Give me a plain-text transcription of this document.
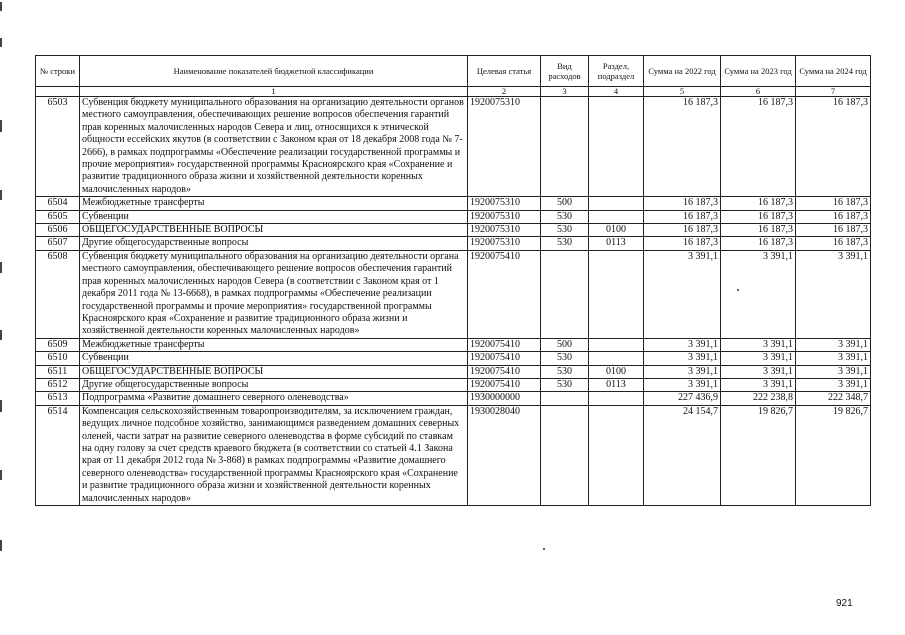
№ строки	Наименование показателей бюджетной классификации	Целевая статья	Вид расходов	Раздел, подраздел	Сумма на 2022 год	Сумма на 2023 год	Сумма на 2024 год
	1	2	3	4	5	6	7
6503	Субвенция бюджету муниципального образования на организацию деятельности органов местного самоуправления, обеспечивающих решение вопросов обеспечения гарантий прав коренных малочисленных народов Севера и лиц, относящихся к этнической общности ессейских якутов (в соответствии с Законом края от 18 декабря 2008 года № 7-2666), в рамках подпрограммы «Обеспечение реализации государственной программы и прочие мероприятия» государственной программы Красноярского края «Сохранение и развитие традиционного образа жизни и хозяйственной деятельности коренных малочисленных народов»	1920075310			16 187,3	16 187,3	16 187,3
6504	Межбюджетные трансферты	1920075310	500		16 187,3	16 187,3	16 187,3
6505	Субвенции	1920075310	530		16 187,3	16 187,3	16 187,3
6506	ОБЩЕГОСУДАРСТВЕННЫЕ ВОПРОСЫ	1920075310	530	0100	16 187,3	16 187,3	16 187,3
6507	Другие общегосударственные вопросы	1920075310	530	0113	16 187,3	16 187,3	16 187,3
6508	Субвенция бюджету муниципального образования на организацию деятельности органа местного самоуправления, обеспечивающего решение вопросов обеспечения гарантий прав коренных малочисленных народов Севера (в соответствии с Законом края от 1 декабря 2011 года № 13-6668), в рамках подпрограммы «Обеспечение реализации государственной программы и прочие мероприятия» государственной программы Красноярского края «Сохранение и развитие традиционного образа жизни и хозяйственной деятельности коренных малочисленных народов»	1920075410			3 391,1	3 391,1	3 391,1
6509	Межбюджетные трансферты	1920075410	500		3 391,1	3 391,1	3 391,1
6510	Субвенции	1920075410	530		3 391,1	3 391,1	3 391,1
6511	ОБЩЕГОСУДАРСТВЕННЫЕ ВОПРОСЫ	1920075410	530	0100	3 391,1	3 391,1	3 391,1
6512	Другие общегосударственные вопросы	1920075410	530	0113	3 391,1	3 391,1	3 391,1
6513	Подпрограмма «Развитие домашнего северного оленеводства»	1930000000			227 436,9	222 238,8	222 348,7
6514	Компенсация сельскохозяйственным товаропроизводителям, за исключением граждан, ведущих личное подсобное хозяйство, занимающимся разведением домашних северных оленей, части затрат на развитие северного оленеводства в форме субсидий по ставкам на одну голову за счет средств краевого бюджета (в соответствии со статьей 4.1 Закона края от 11 декабря 2012 года № 3-868) в рамках подпрограммы «Развитие домашнего северного оленеводства» государственной программы Красноярского края «Сохранение и развитие традиционного образа жизни и хозяйственной деятельности коренных малочисленных народов»	1930028040			24 154,7	19 826,7	19 826,7
921
